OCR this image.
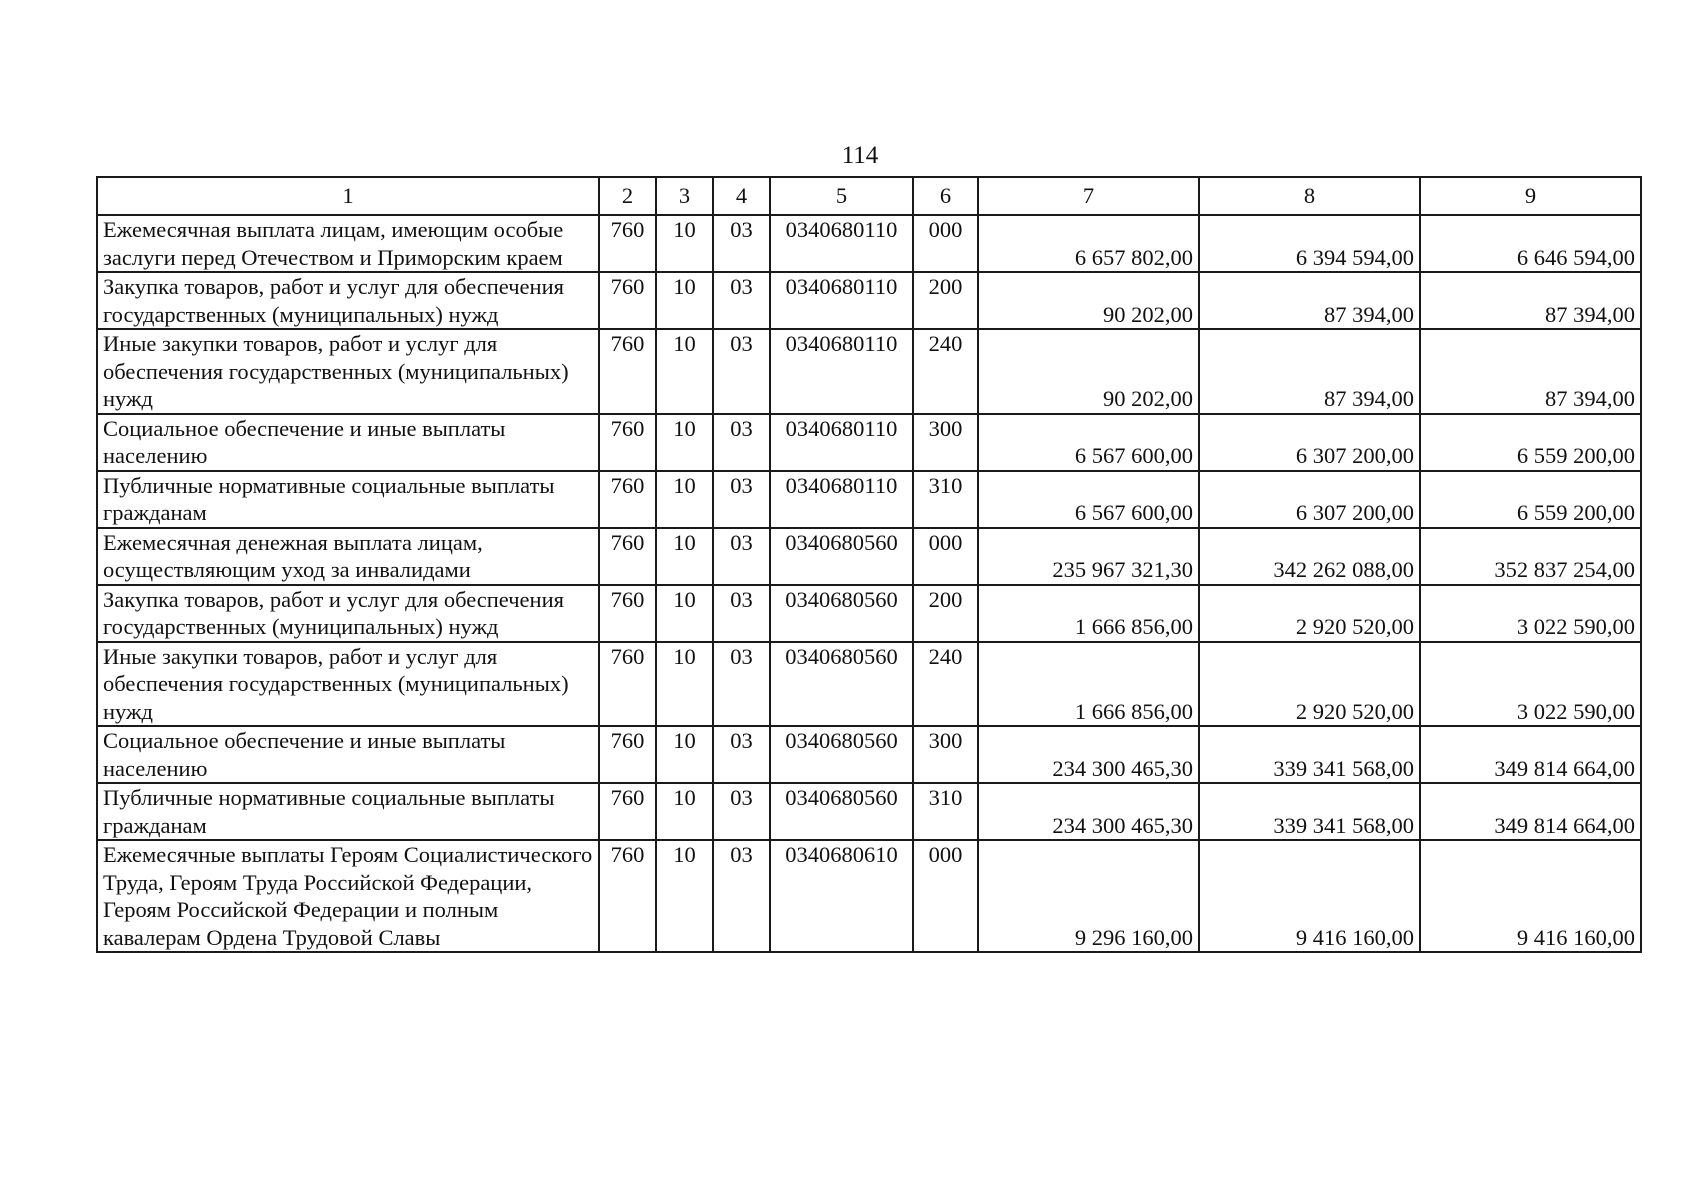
114
1	2	3	4	5	6	7	8	9
Ежемесячная выплата лицам, имеющим особые заслуги перед Отечеством и Приморским краем	760	10	03	0340680110	000	6 657 802,00	6 394 594,00	6 646 594,00
Закупка товаров, работ и услуг для обеспечения государственных (муниципальных) нужд	760	10	03	0340680110	200	90 202,00	87 394,00	87 394,00
Иные закупки товаров, работ и услуг для обеспечения государственных (муниципальных) нужд	760	10	03	0340680110	240	90 202,00	87 394,00	87 394,00
Социальное обеспечение и иные выплаты населению	760	10	03	0340680110	300	6 567 600,00	6 307 200,00	6 559 200,00
Публичные нормативные социальные выплаты гражданам	760	10	03	0340680110	310	6 567 600,00	6 307 200,00	6 559 200,00
Ежемесячная денежная выплата лицам, осуществляющим уход за инвалидами	760	10	03	0340680560	000	235 967 321,30	342 262 088,00	352 837 254,00
Закупка товаров, работ и услуг для обеспечения государственных (муниципальных) нужд	760	10	03	0340680560	200	1 666 856,00	2 920 520,00	3 022 590,00
Иные закупки товаров, работ и услуг для обеспечения государственных (муниципальных) нужд	760	10	03	0340680560	240	1 666 856,00	2 920 520,00	3 022 590,00
Социальное обеспечение и иные выплаты населению	760	10	03	0340680560	300	234 300 465,30	339 341 568,00	349 814 664,00
Публичные нормативные социальные выплаты гражданам	760	10	03	0340680560	310	234 300 465,30	339 341 568,00	349 814 664,00
Ежемесячные выплаты Героям Социалистического Труда, Героям Труда Российской Федерации, Героям Российской Федерации и полным кавалерам Ордена Трудовой Славы	760	10	03	0340680610	000	9 296 160,00	9 416 160,00	9 416 160,00
